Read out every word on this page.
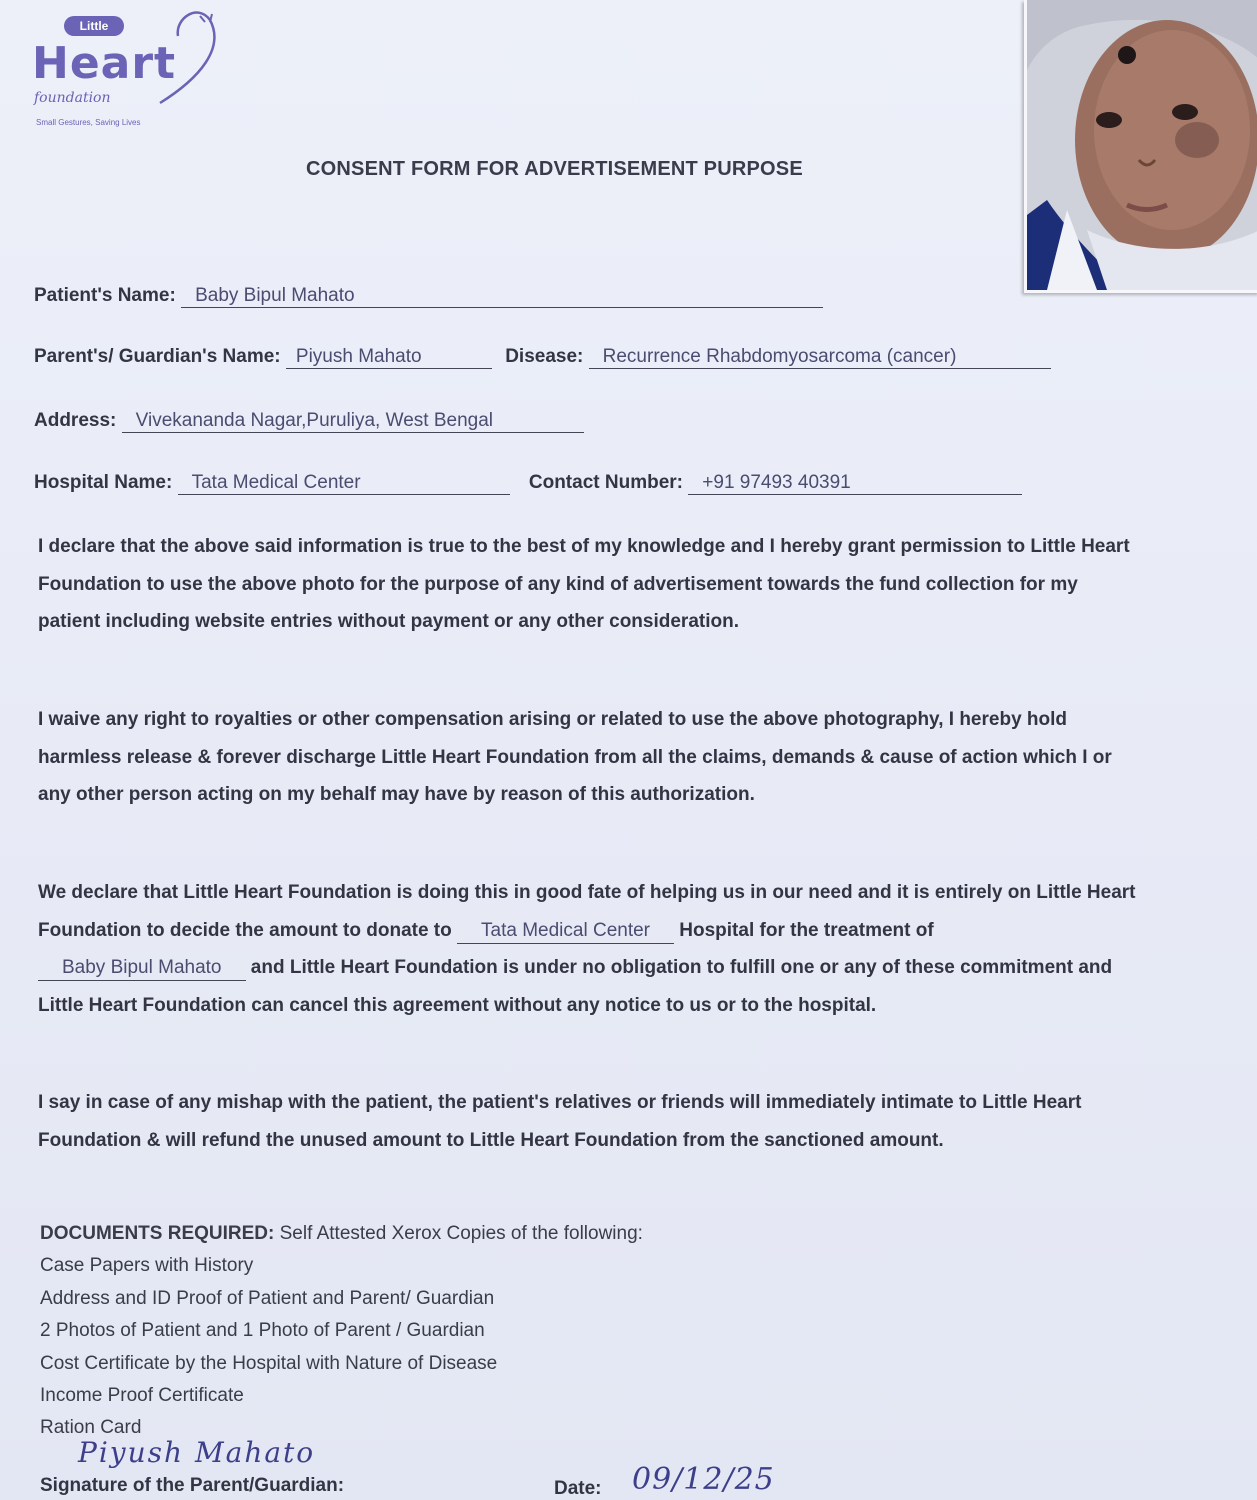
Little
Heart
foundation
Small Gestures, Saving Lives
CONSENT FORM FOR ADVERTISEMENT PURPOSE
Patient's Name: Baby Bipul Mahato
Parent's/ Guardian's Name: Piyush Mahato	Disease: Recurrence Rhabdomyosarcoma (cancer)
Address: Vivekananda Nagar,Puruliya, West Bengal
Hospital Name: Tata Medical Center	Contact Number: +91 97493 40391
I declare that the above said information is true to the best of my knowledge and I hereby grant permission to Little Heart Foundation to use the above photo for the purpose of any kind of advertisement towards the fund collection for my patient including website entries without payment or any other consideration.
I waive any right to royalties or other compensation arising or related to use the above photography, I hereby hold harmless release & forever discharge Little Heart Foundation from all the claims, demands & cause of action which I or any other person acting on my behalf may have by reason of this authorization.
We declare that Little Heart Foundation is doing this in good fate of helping us in our need and it is entirely on Little Heart Foundation to decide the amount to donate to Tata Medical Center Hospital for the treatment of Baby Bipul Mahato and Little Heart Foundation is under no obligation to fulfill one or any of these commitment and Little Heart Foundation can cancel this agreement without any notice to us or to the hospital.
I say in case of any mishap with the patient, the patient's relatives or friends will immediately intimate to Little Heart Foundation & will refund the unused amount to Little Heart Foundation from the sanctioned amount.
DOCUMENTS REQUIRED: Self Attested Xerox Copies of the following:
Case Papers with History
Address and ID Proof of Patient and Parent/ Guardian
2 Photos of Patient and 1 Photo of Parent / Guardian
Cost Certificate by the Hospital with Nature of Disease
Income Proof Certificate
Ration Card
Piyush Mahato
Signature of the Parent/Guardian:	Date: 09/12/25
